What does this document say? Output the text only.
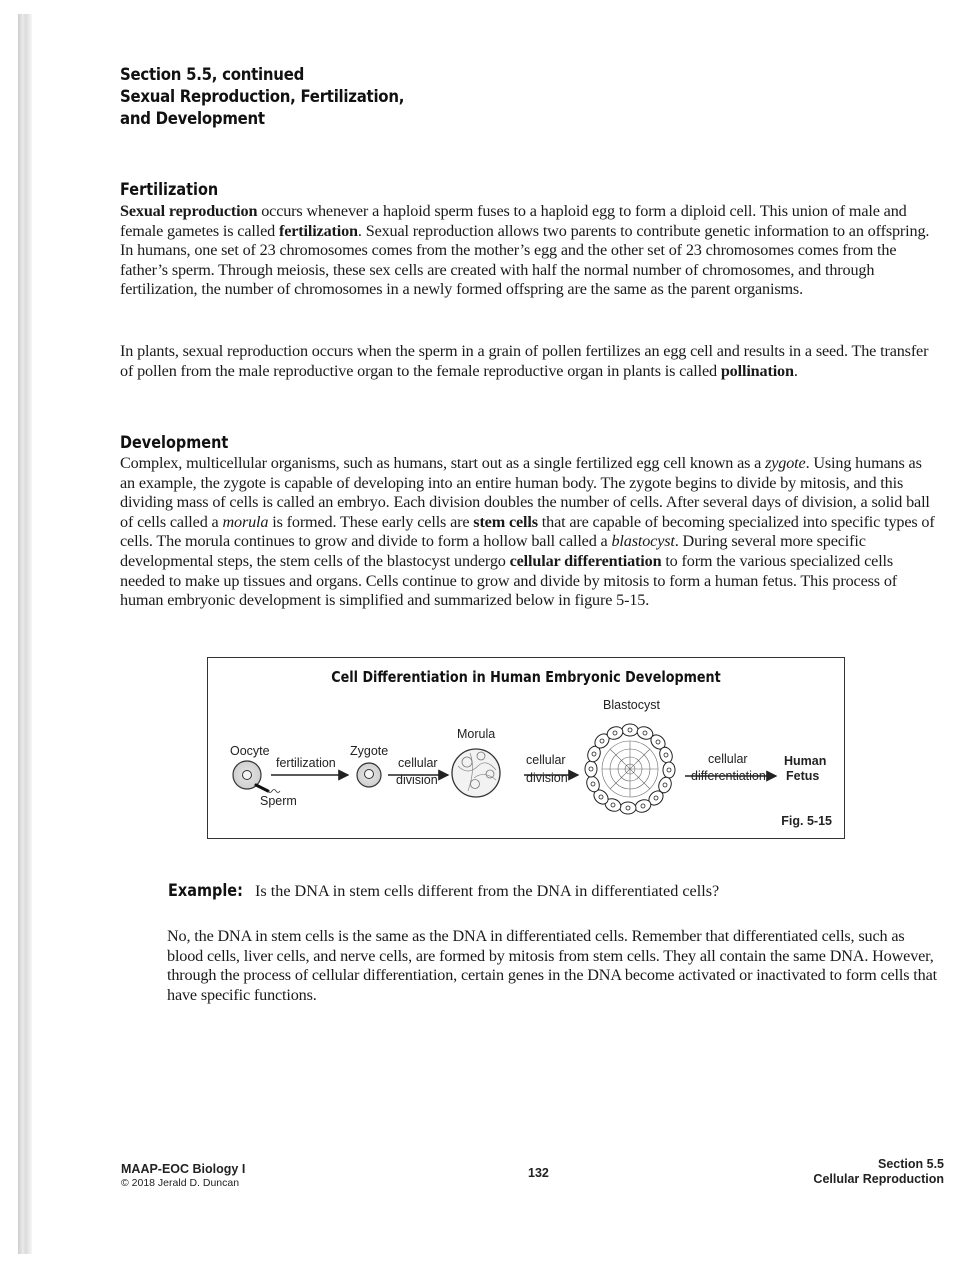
Section 5.5, continued
Sexual Reproduction, Fertilization,
and Development
Fertilization
Sexual reproduction occurs whenever a haploid sperm fuses to a haploid egg to form a diploid cell. This union of male and female gametes is called fertilization. Sexual reproduction allows two parents to contribute genetic information to an offspring. In humans, one set of 23 chromosomes comes from the mother’s egg and the other set of 23 chromosomes comes from the father’s sperm. Through meiosis, these sex cells are created with half the normal number of chromosomes, and through fertilization, the number of chromosomes in a newly formed offspring are the same as the parent organisms.
In plants, sexual reproduction occurs when the sperm in a grain of pollen fertilizes an egg cell and results in a seed. The transfer of pollen from the male reproductive organ to the female reproductive organ in plants is called pollination.
Development
Complex, multicellular organisms, such as humans, start out as a single fertilized egg cell known as a zygote. Using humans as an example, the zygote is capable of developing into an entire human body. The zygote begins to divide by mitosis, and this dividing mass of cells is called an embryo. Each division doubles the number of cells. After several days of division, a solid ball of cells called a morula is formed. These early cells are stem cells that are capable of becoming specialized into specific types of cells. The morula continues to grow and divide to form a hollow ball called a blastocyst. During several more specific developmental steps, the stem cells of the blastocyst undergo cellular differentiation to form the various specialized cells needed to make up tissues and organs. Cells continue to grow and divide by mitosis to form a human fetus. This process of human embryonic development is simplified and summarized below in figure 5-15.
Cell Differentiation in Human Embryonic Development
Oocyte
Sperm
fertilization
Zygote
cellular
division
Morula
cellular
division
Blastocyst
cellular
differentiation
Human
Fetus
Fig. 5-15
Example: Is the DNA in stem cells different from the DNA in differentiated cells?
No, the DNA in stem cells is the same as the DNA in differentiated cells. Remember that differentiated cells, such as blood cells, liver cells, and nerve cells, are formed by mitosis from stem cells. They all contain the same DNA. However, through the process of cellular differentiation, certain genes in the DNA become activated or inactivated to form cells that have specific functions.
MAAP-EOC Biology I
© 2018 Jerald D. Duncan
132
Section 5.5
Cellular Reproduction
